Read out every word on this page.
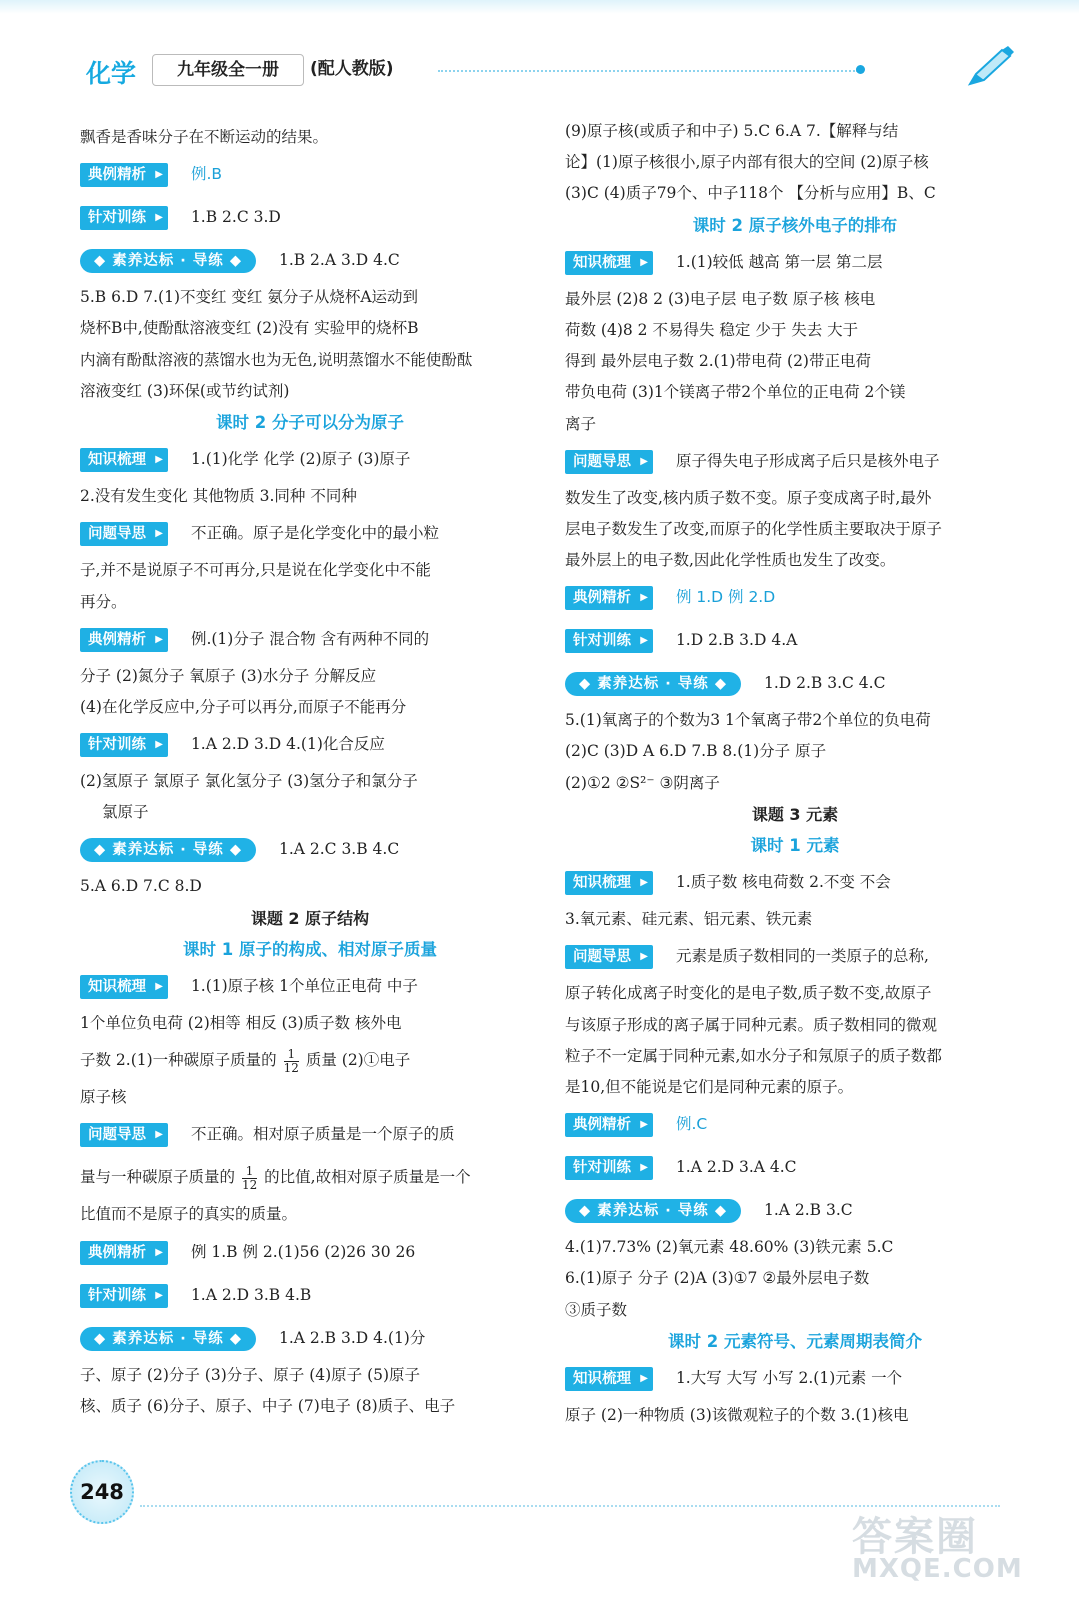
化学	九年级全一册	(配人教版)
飘香是香味分子在不断运动的结果。
典例精析 ▶	例.B
针对训练 ▶	1.B 2.C 3.D
◆ 素养达标 · 导练 ◆ 1.B 2.A 3.D 4.C
5.B 6.D 7.(1)不变红 变红 氨分子从烧杯A运动到
烧杯B中,使酚酞溶液变红 (2)没有 实验甲的烧杯B
内滴有酚酞溶液的蒸馏水也为无色,说明蒸馏水不能使酚酞
溶液变红 (3)环保(或节约试剂)
课时 2 分子可以分为原子
知识梳理 ▶	1.(1)化学 化学 (2)原子 (3)原子
2.没有发生变化 其他物质 3.同种 不同种
问题导思 ▶	不正确。原子是化学变化中的最小粒
子,并不是说原子不可再分,只是说在化学变化中不能
再分。
典例精析 ▶	例.(1)分子 混合物 含有两种不同的
分子 (2)氮分子 氧原子 (3)水分子 分解反应
(4)在化学反应中,分子可以再分,而原子不能再分
针对训练 ▶	1.A 2.D 3.D 4.(1)化合反应
(2)氢原子 氯原子 氯化氢分子 (3)氢分子和氯分子
氯原子
◆ 素养达标 · 导练 ◆ 1.A 2.C 3.B 4.C
5.A 6.D 7.C 8.D
课题 2 原子结构
课时 1 原子的构成、相对原子质量
知识梳理 ▶	1.(1)原子核 1个单位正电荷 中子
1个单位负电荷 (2)相等 相反 (3)质子数 核外电
子数 2.(1)一种碳原子质量的 $\frac{1}{12}$ 质量 (2)①电子
原子核
问题导思 ▶	不正确。相对原子质量是一个原子的质
量与一种碳原子质量的 $\frac{1}{12}$ 的比值,故相对原子质量是一个
比值而不是原子的真实的质量。
典例精析 ▶	例 1.B 例 2.(1)56 (2)26 30 26
针对训练 ▶	1.A 2.D 3.B 4.B
◆ 素养达标 · 导练 ◆ 1.A 2.B 3.D 4.(1)分
子、原子 (2)分子 (3)分子、原子 (4)原子 (5)原子
核、质子 (6)分子、原子、中子 (7)电子 (8)质子、电子
(9)原子核(或质子和中子) 5.C 6.A 7.【解释与结
论】(1)原子核很小,原子内部有很大的空间 (2)原子核
(3)C (4)质子79个、中子118个 【分析与应用】B、C
课时 2 原子核外电子的排布
知识梳理 ▶	1.(1)较低 越高 第一层 第二层
最外层 (2)8 2 (3)电子层 电子数 原子核 核电
荷数 (4)8 2 不易得失 稳定 少于 失去 大于
得到 最外层电子数 2.(1)带电荷 (2)带正电荷
带负电荷 (3)1个镁离子带2个单位的正电荷 2个镁
离子
问题导思 ▶	原子得失电子形成离子后只是核外电子
数发生了改变,核内质子数不变。原子变成离子时,最外
层电子数发生了改变,而原子的化学性质主要取决于原子
最外层上的电子数,因此化学性质也发生了改变。
典例精析 ▶	例 1.D 例 2.D
针对训练 ▶	1.D 2.B 3.D 4.A
◆ 素养达标 · 导练 ◆ 1.D 2.B 3.C 4.C
5.(1)氧离子的个数为3 1个氧离子带2个单位的负电荷
(2)C (3)D A 6.D 7.B 8.(1)分子 原子
(2)①2 ②S²⁻ ③阴离子
课题 3 元素
课时 1 元素
知识梳理 ▶	1.质子数 核电荷数 2.不变 不会
3.氧元素、硅元素、铝元素、铁元素
问题导思 ▶	元素是质子数相同的一类原子的总称,
原子转化成离子时变化的是电子数,质子数不变,故原子
与该原子形成的离子属于同种元素。质子数相同的微观
粒子不一定属于同种元素,如水分子和氖原子的质子数都
是10,但不能说是它们是同种元素的原子。
典例精析 ▶	例.C
针对训练 ▶	1.A 2.D 3.A 4.C
◆ 素养达标 · 导练 ◆ 1.A 2.B 3.C
4.(1)7.73% (2)氧元素 48.60% (3)铁元素 5.C
6.(1)原子 分子 (2)A (3)①7 ②最外层电子数
③质子数
课时 2 元素符号、元素周期表简介
知识梳理 ▶	1.大写 大写 小写 2.(1)元素 一个
原子 (2)一种物质 (3)该微观粒子的个数 3.(1)核电
248
答案圈
MXQE.COM
